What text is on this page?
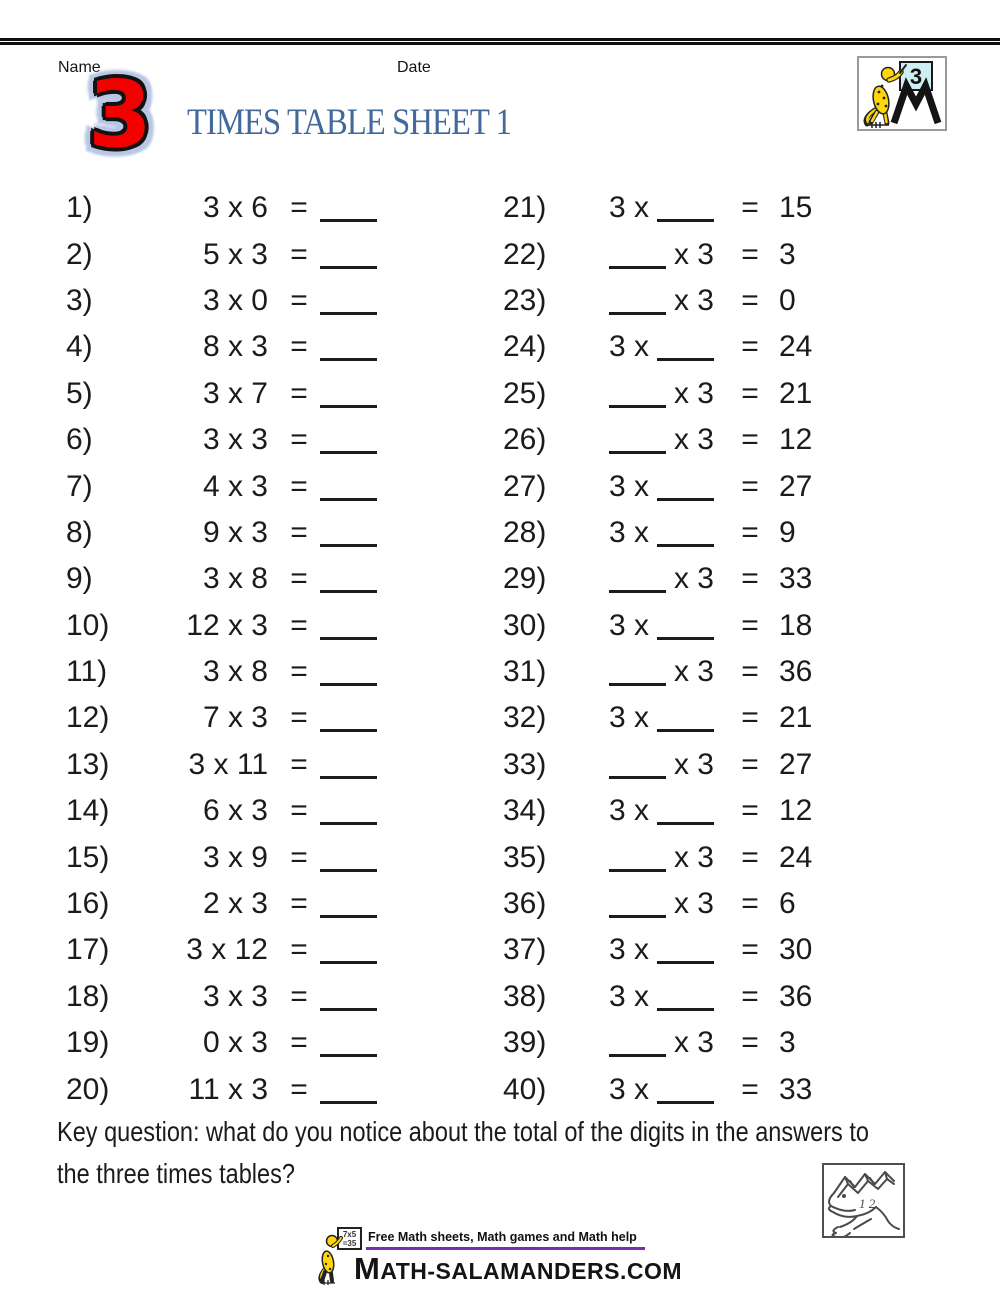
Name	Date
3 TIMES TABLE SHEET 1
3
1)	3 x 6 =	21)	3 x	= 15
2)	5 x 3 =	22)	x 3 = 3
3)	3 x 0 =	23)	x 3 = 0
4)	8 x 3 =	24)	3 x	= 24
5)	3 x 7 =	25)	x 3 = 21
6)	3 x 3 =	26)	x 3 = 12
7)	4 x 3 =	27)	3 x	= 27
8)	9 x 3 =	28)	3 x	= 9
9)	3 x 8 =	29)	x 3 = 33
10)	12 x 3 =	30)	3 x	= 18
11)	3 x 8 =	31)	x 3 = 36
12)	7 x 3 =	32)	3 x	= 21
13)	3 x 11 =	33)	x 3 = 27
14)	6 x 3 =	34)	3 x	= 12
15)	3 x 9 =	35)	x 3 = 24
16)	2 x 3 =	36)	x 3 = 6
17)	3 x 12 =	37)	3 x	= 30
18)	3 x 3 =	38)	3 x	= 36
19)	0 x 3 =	39)	x 3 = 3
20)	11 x 3 =	40)	3 x	= 33
Key question: what do you notice about the total of the digits in the answers to
the three times tables?
1 2
7x5
=35 Free Math sheets, Math games and Math help
MATH-SALAMANDERS.COM
